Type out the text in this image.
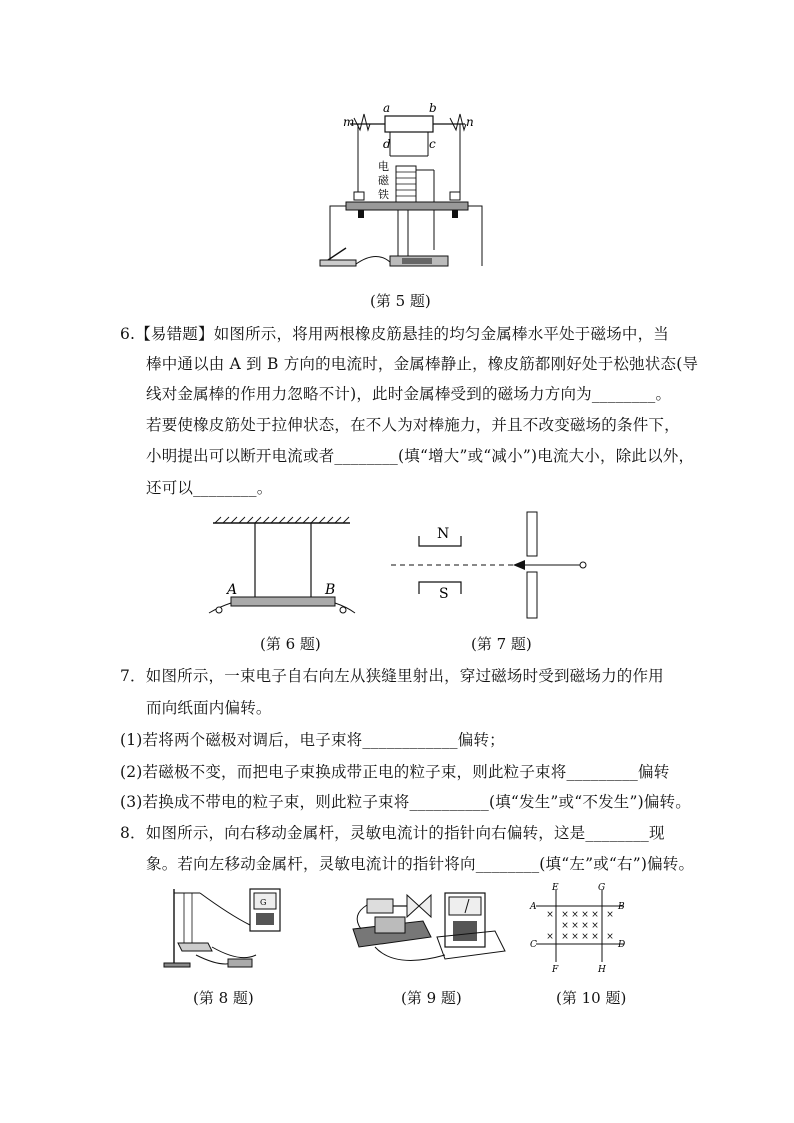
m
a	b
n
d	c
电
磁
铁
(第 5 题)
6.【易错题】如图所示，将用两根橡皮筋悬挂的均匀金属棒水平处于磁场中，当
棒中通以由 A 到 B 方向的电流时，金属棒静止，橡皮筋都刚好处于松弛状态(导
线对金属棒的作用力忽略不计)，此时金属棒受到的磁场力方向为________。
若要使橡皮筋处于拉伸状态，在不人为对棒施力，并且不改变磁场的条件下，
小明提出可以断开电流或者________(填“增大”或“减小”)电流大小，除此以外，
还可以________。
A	B
(第 6 题)
N
S
(第 7 题)
7．如图所示，一束电子自右向左从狭缝里射出，穿过磁场时受到磁场力的作用
而向纸面内偏转。
(1)若将两个磁极对调后，电子束将____________偏转；
(2)若磁极不变，而把电子束换成带正电的粒子束，则此粒子束将_________偏转
(3)若换成不带电的粒子束，则此粒子束将__________(填“发生”或“不发生”)偏转。
8．如图所示，向右移动金属杆，灵敏电流计的指针向右偏转，这是________现
象。若向左移动金属杆，灵敏电流计的指针将向________(填“左”或“右”)偏转。
G
(第 8 题)	(第 9 题)
× × × ×
× × × ×
× × × ×
×	×
×	×
E	G
A	B
C	D
F	H
(第 10 题)
